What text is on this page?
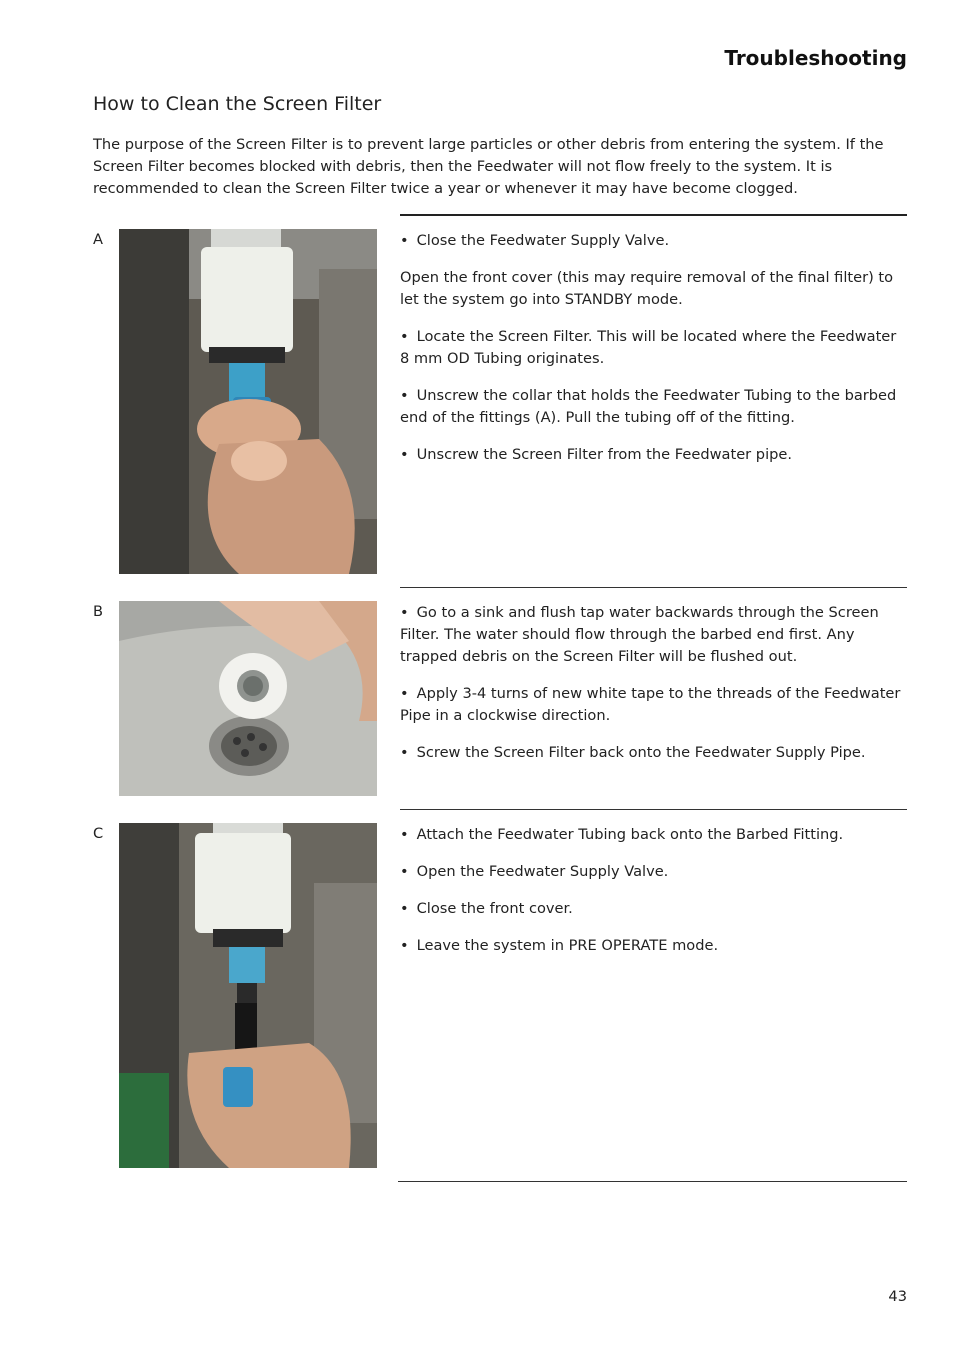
Troubleshooting
How to Clean the Screen Filter
The purpose of the Screen Filter is to prevent large particles or other debris from entering the system. If the Screen Filter becomes blocked with debris, then the Feedwater will not flow freely to the system. It is recommended to clean the Screen Filter twice a year or whenever it may have become clogged.
A	• Close the Feedwater Supply Valve.

Open the front cover (this may require removal of the final filter) to let the system go into STANDBY mode.

• Locate the Screen Filter. This will be located where the Feedwater 8 mm OD Tubing originates.

• Unscrew the collar that holds the Feedwater Tubing to the barbed end of the fittings (A). Pull the tubing off of the fitting.

• Unscrew the Screen Filter from the Feedwater pipe.

B	• Go to a sink and flush tap water backwards through the Screen Filter. The water should flow through the barbed end first. Any trapped debris on the Screen Filter will be flushed out.

• Apply 3-4 turns of new white tape to the threads of the Feedwater Pipe in a clockwise direction.

• Screw the Screen Filter back onto the Feedwater Supply Pipe.

C	• Attach the Feedwater Tubing back onto the Barbed Fitting.

• Open the Feedwater Supply Valve.

• Close the front cover.

• Leave the system in PRE OPERATE mode.

43
